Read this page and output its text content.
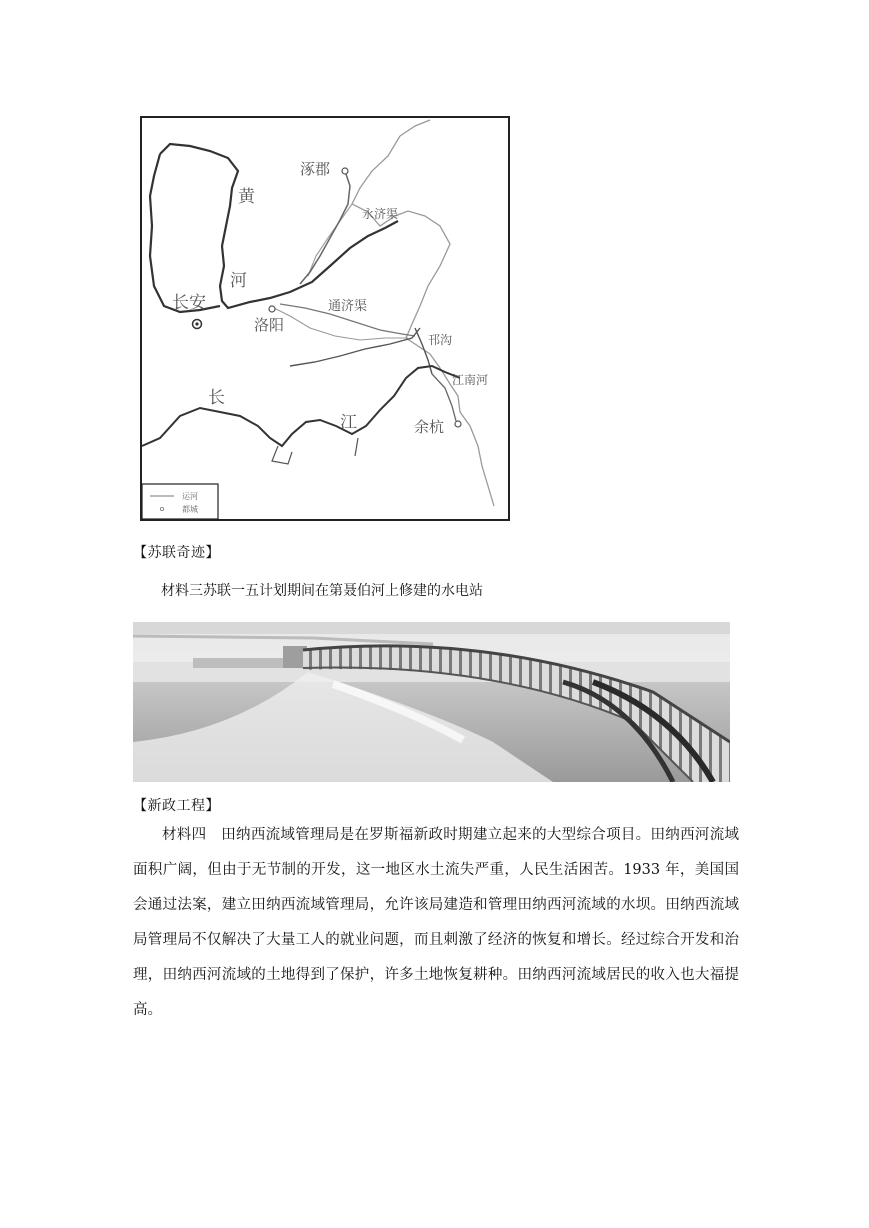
涿郡
永济渠
黄
河
长安
洛阳
通济渠
邗沟
江南河
长
江	余杭
运河
都城
【苏联奇迹】
材料三苏联一五计划期间在第聂伯河上修建的水电站
【新政工程】
材料四　田纳西流域管理局是在罗斯福新政时期建立起来的大型综合项目。田纳西河流域面积广阔，但由于无节制的开发，这一地区水土流失严重，人民生活困苦。1933 年，美国国会通过法案，建立田纳西流域管理局，允许该局建造和管理田纳西河流域的水坝。田纳西流域局管理局不仅解决了大量工人的就业问题，而且刺激了经济的恢复和增长。经过综合开发和治理，田纳西河流域的土地得到了保护，许多土地恢复耕种。田纳西河流域居民的收入也大福提高。
